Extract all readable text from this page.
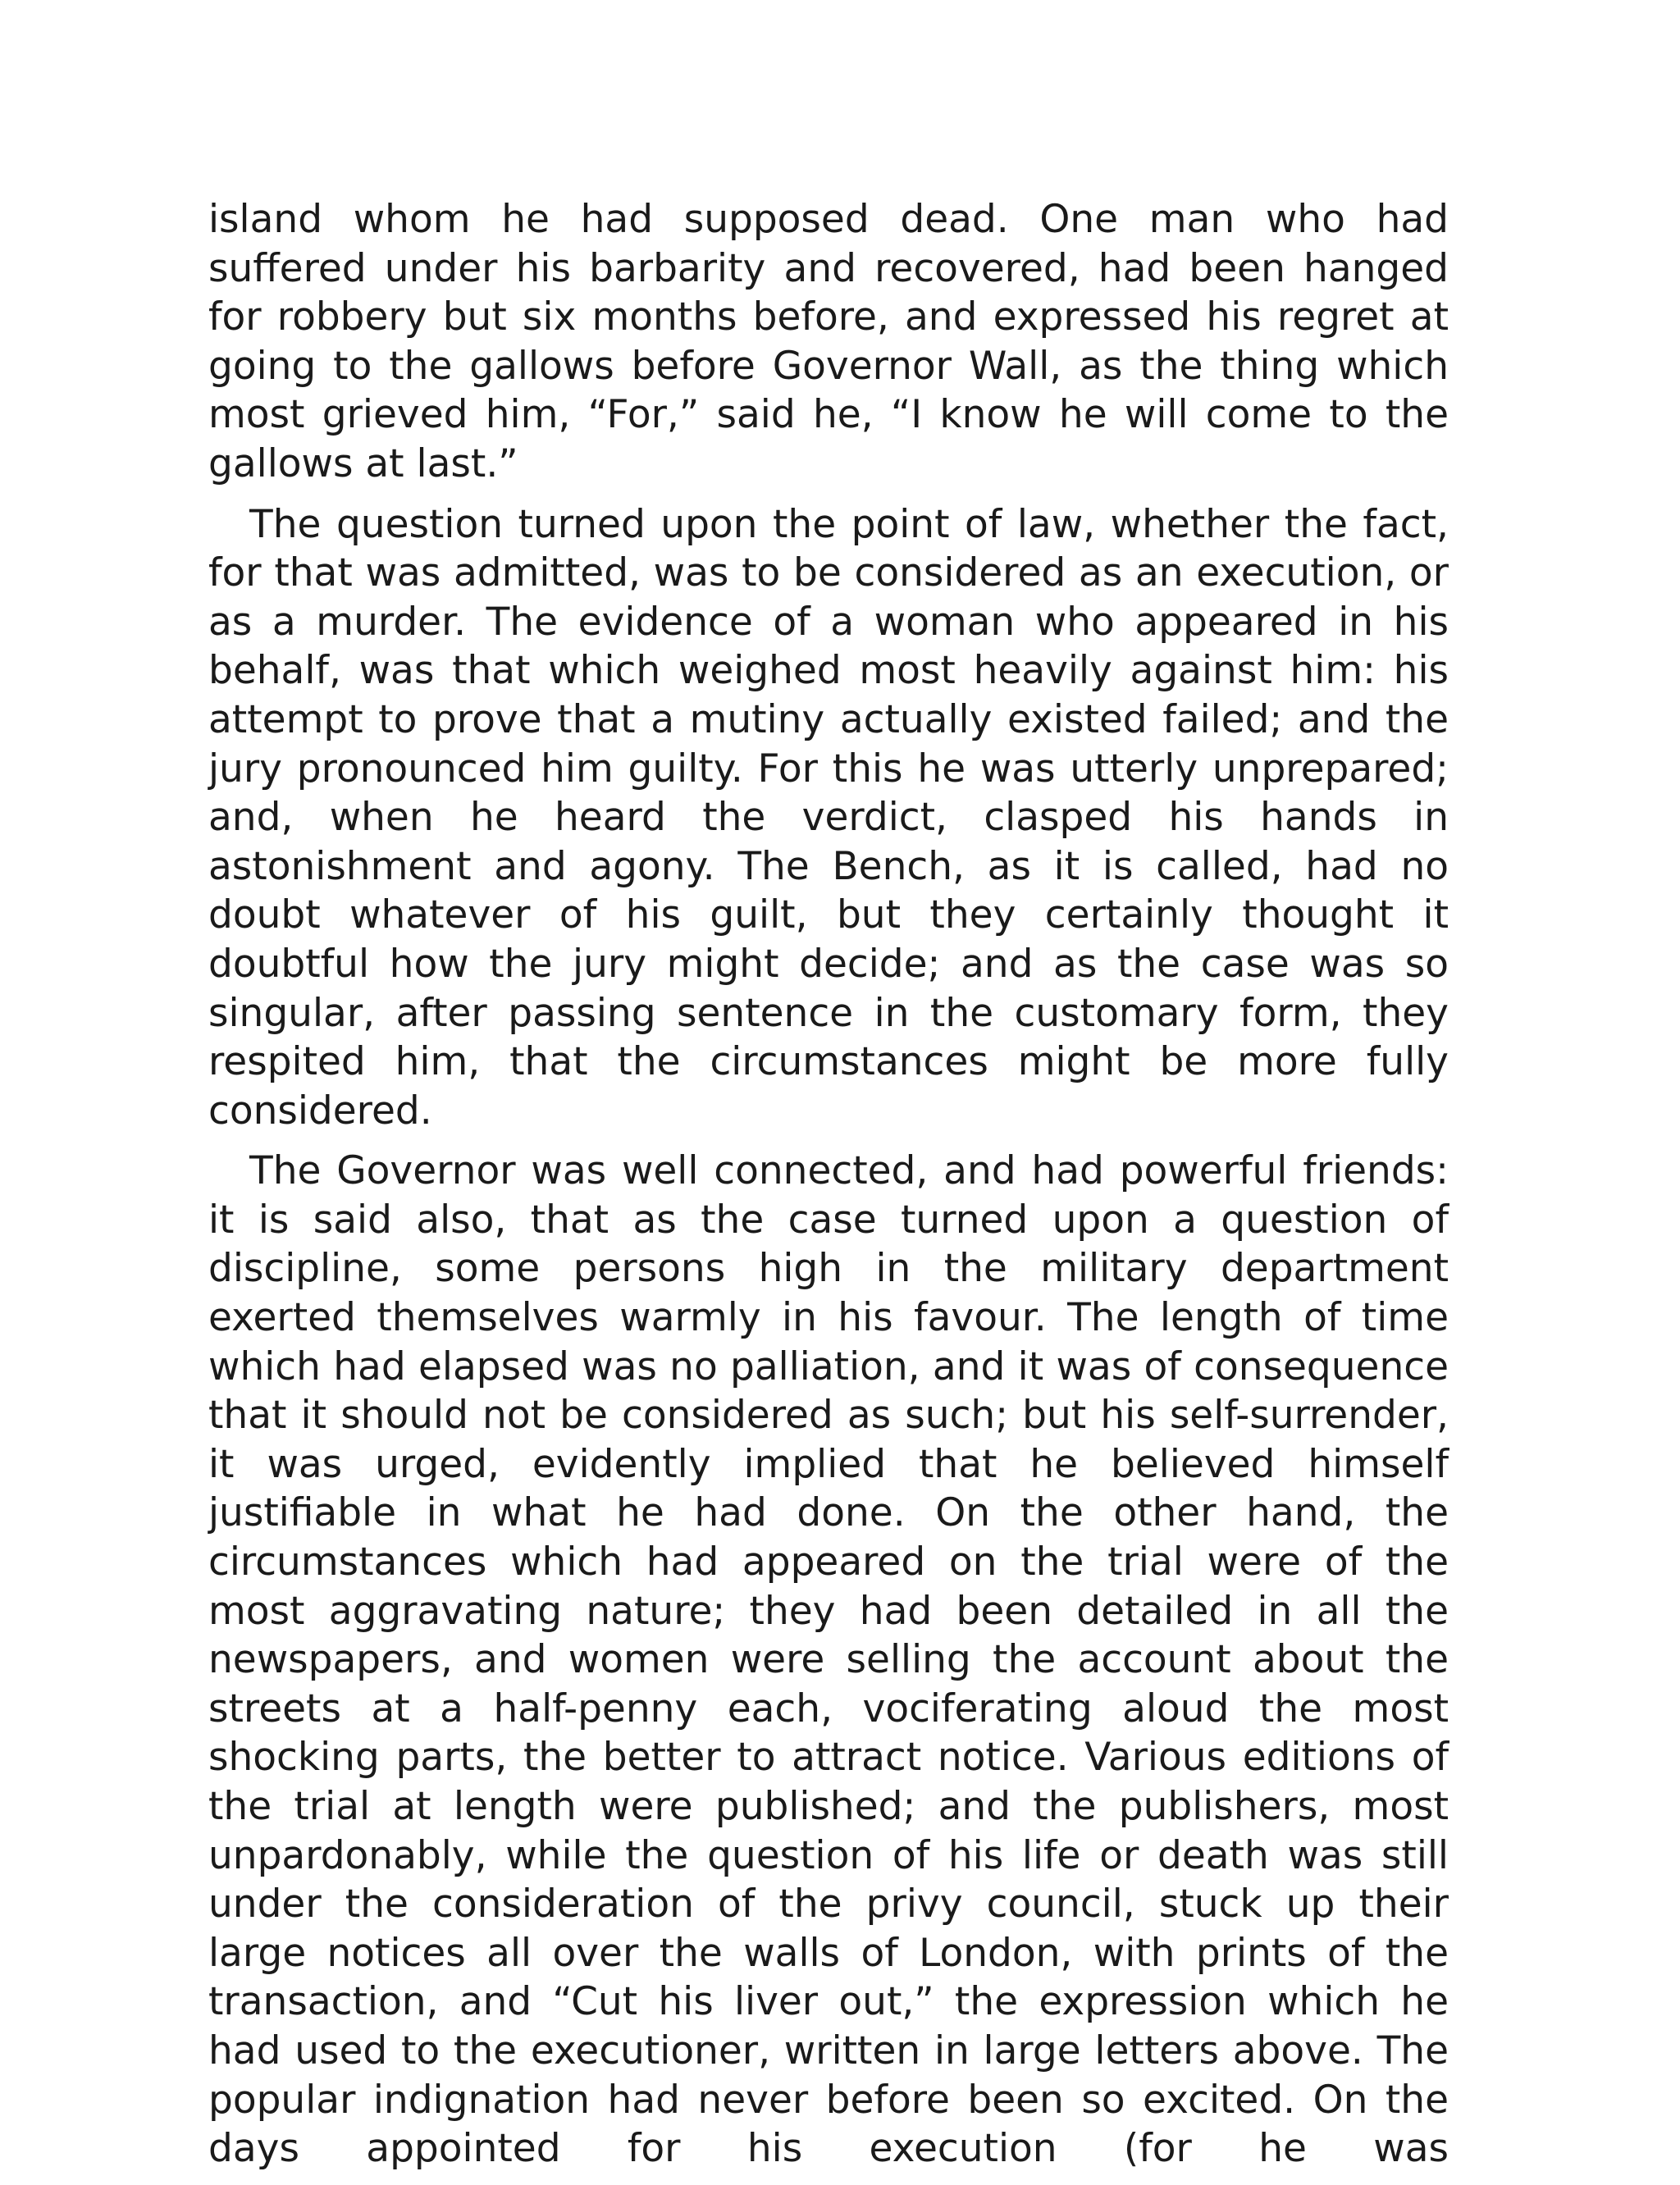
island whom he had supposed dead. One man who had suffered under his barbarity and recovered, had been hanged for robbery but six months before, and expressed his regret at going to the gallows before Governor Wall, as the thing which most grieved him, “For,” said he, “I know he will come to the gallows at last.”

The question turned upon the point of law, whether the fact, for that was admitted, was to be considered as an execution, or as a murder. The evidence of a woman who appeared in his behalf, was that which weighed most heavily against him: his attempt to prove that a mutiny actually existed failed; and the jury pronounced him guilty. For this he was utterly unprepared; and, when he heard the verdict, clasped his hands in astonishment and agony. The Bench, as it is called, had no doubt whatever of his guilt, but they certainly thought it doubtful how the jury might decide; and as the case was so singular, after passing sentence in the customary form, they respited him, that the circumstances might be more fully considered.

The Governor was well connected, and had powerful friends: it is said also, that as the case turned upon a question of discipline, some persons high in the military department exerted themselves warmly in his favour. The length of time which had elapsed was no palliation, and it was of consequence that it should not be considered as such; but his self-surrender, it was urged, evidently implied that he believed himself justifiable in what he had done. On the other hand, the circumstances which had appeared on the trial were of the most aggravating nature; they had been detailed in all the newspapers, and women were selling the account about the streets at a half-penny each, vociferating aloud the most shocking parts, the better to attract notice. Various editions of the trial at length were published; and the publishers, most unpardonably, while the question of his life or death was still under the consideration of the privy council, stuck up their large notices all over the walls of London, with prints of the transaction, and “Cut his liver out,” the expression which he had used to the executioner, written in large letters above. The popular indignation had never before been so excited. On the days appointed for his execution (for he was
